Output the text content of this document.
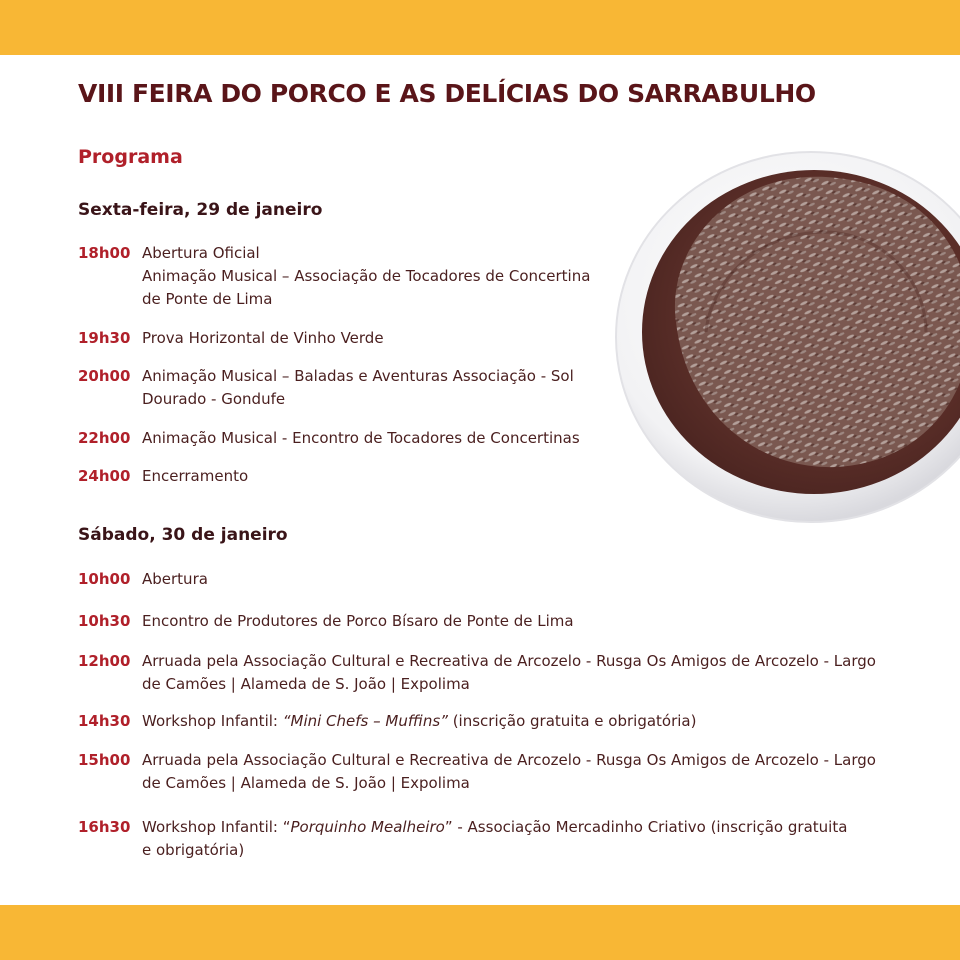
VIII FEIRA DO PORCO E AS DELÍCIAS DO SARRABULHO
Programa
Sexta-feira, 29 de janeiro
18h00 Abertura Oficial
Animação Musical – Associação de Tocadores de Concertina
de Ponte de Lima
19h30 Prova Horizontal de Vinho Verde
20h00 Animação Musical – Baladas e Aventuras Associação - Sol
Dourado - Gondufe
22h00 Animação Musical - Encontro de Tocadores de Concertinas
24h00 Encerramento
Sábado, 30 de janeiro
10h00 Abertura
10h30 Encontro de Produtores de Porco Bísaro de Ponte de Lima
12h00 Arruada pela Associação Cultural e Recreativa de Arcozelo - Rusga Os Amigos de Arcozelo - Largo
de Camões | Alameda de S. João | Expolima
14h30 Workshop Infantil: “Mini Chefs – Muffins” (inscrição gratuita e obrigatória)
15h00 Arruada pela Associação Cultural e Recreativa de Arcozelo - Rusga Os Amigos de Arcozelo - Largo
de Camões | Alameda de S. João | Expolima
16h30 Workshop Infantil: “Porquinho Mealheiro” - Associação Mercadinho Criativo (inscrição gratuita
e obrigatória)
